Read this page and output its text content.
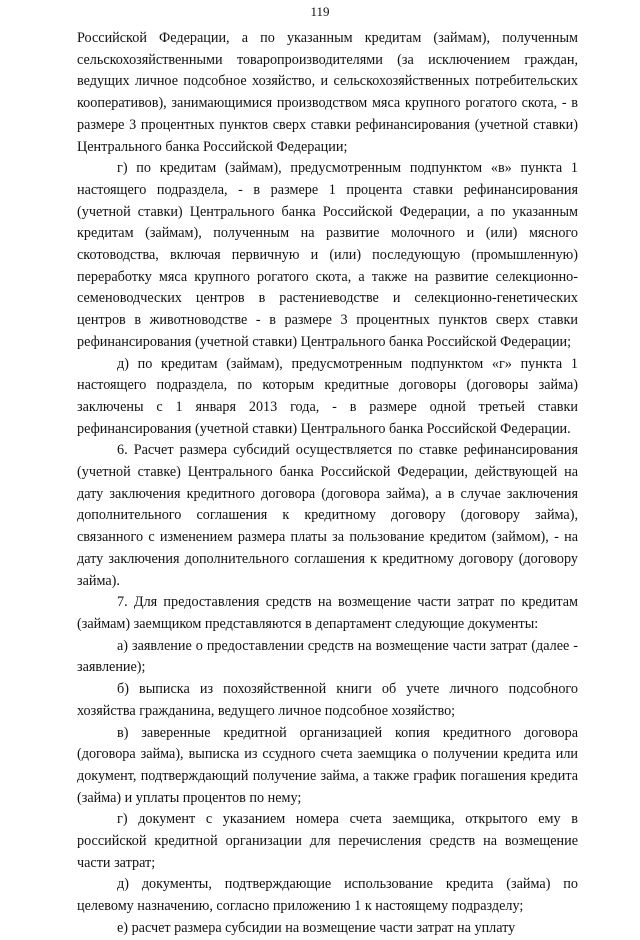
119

Российской Федерации, а по указанным кредитам (займам), полученным сельскохозяйственными товаропроизводителями (за исключением граждан, ведущих личное подсобное хозяйство, и сельскохозяйственных потребительских кооперативов), занимающимися производством мяса крупного рогатого скота, - в размере 3 процентных пунктов сверх ставки рефинансирования (учетной ставки) Центрального банка Российской Федерации;

г) по кредитам (займам), предусмотренным подпунктом «в» пункта 1 настоящего подраздела, - в размере 1 процента ставки рефинансирования (учетной ставки) Центрального банка Российской Федерации, а по указанным кредитам (займам), полученным на развитие молочного и (или) мясного скотоводства, включая первичную и (или) последующую (промышленную) переработку мяса крупного рогатого скота, а также на развитие селекционно-семеноводческих центров в растениеводстве и селекционно-генетических центров в животноводстве - в размере 3 процентных пунктов сверх ставки рефинансирования (учетной ставки) Центрального банка Российской Федерации;

д) по кредитам (займам), предусмотренным подпунктом «г» пункта 1 настоящего подраздела, по которым кредитные договоры (договоры займа) заключены с 1 января 2013 года, - в размере одной третьей ставки рефинансирования (учетной ставки) Центрального банка Российской Федерации.

6. Расчет размера субсидий осуществляется по ставке рефинансирования (учетной ставке) Центрального банка Российской Федерации, действующей на дату заключения кредитного договора (договора займа), а в случае заключения дополнительного соглашения к кредитному договору (договору займа), связанного с изменением размера платы за пользование кредитом (займом), - на дату заключения дополнительного соглашения к кредитному договору (договору займа).

7. Для предоставления средств на возмещение части затрат по кредитам (займам) заемщиком представляются в департамент следующие документы:

а) заявление о предоставлении средств на возмещение части затрат (далее - заявление);

б) выписка из похозяйственной книги об учете личного подсобного хозяйства гражданина, ведущего личное подсобное хозяйство;

в) заверенные кредитной организацией копия кредитного договора (договора займа), выписка из ссудного счета заемщика о получении кредита или документ, подтверждающий получение займа, а также график погашения кредита (займа) и уплаты процентов по нему;

г) документ с указанием номера счета заемщика, открытого ему в российской кредитной организации для перечисления средств на возмещение части затрат;

д) документы, подтверждающие использование кредита (займа) по целевому назначению, согласно приложению 1 к настоящему подразделу;

е) расчет размера субсидии на возмещение части затрат на уплату
